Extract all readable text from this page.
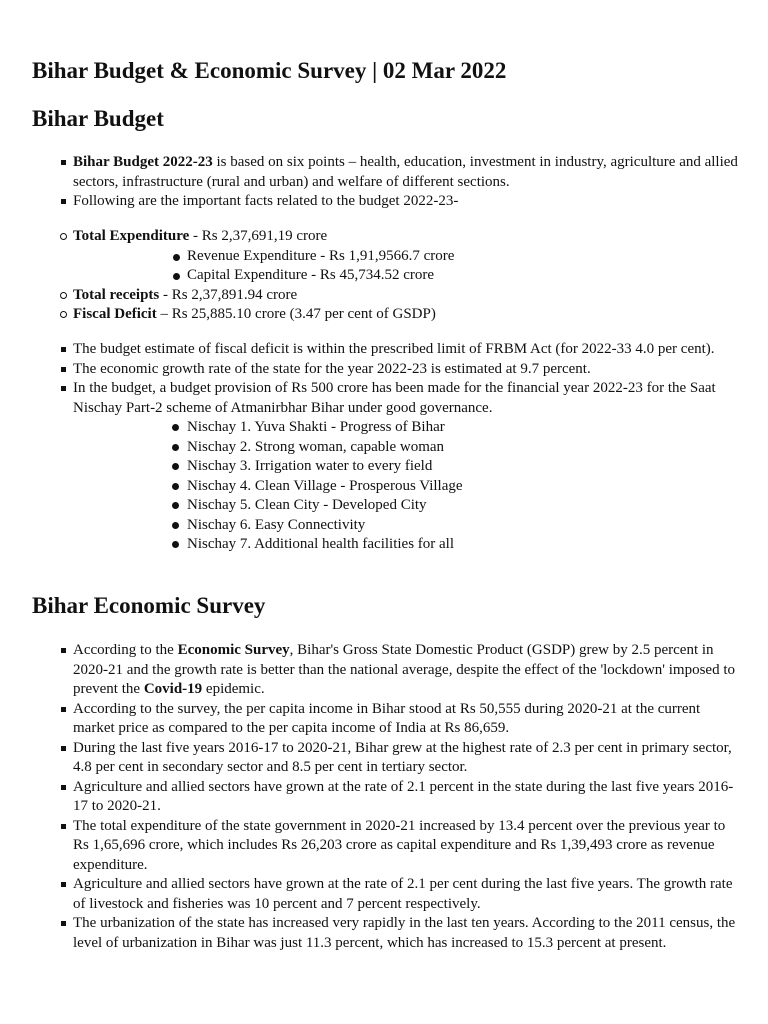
Bihar Budget & Economic Survey | 02 Mar 2022
Bihar Budget
Bihar Budget 2022-23 is based on six points – health, education, investment in industry, agriculture and allied sectors, infrastructure (rural and urban) and welfare of different sections.
Following are the important facts related to the budget 2022-23-
Total Expenditure - Rs 2,37,691,19 crore
Revenue Expenditure - Rs 1,91,9566.7 crore
Capital Expenditure - Rs 45,734.52 crore
Total receipts - Rs 2,37,891.94 crore
Fiscal Deficit – Rs 25,885.10 crore (3.47 per cent of GSDP)
The budget estimate of fiscal deficit is within the prescribed limit of FRBM Act (for 2022-33 4.0 per cent).
The economic growth rate of the state for the year 2022-23 is estimated at 9.7 percent.
In the budget, a budget provision of Rs 500 crore has been made for the financial year 2022-23 for the Saat Nischay Part-2 scheme of Atmanirbhar Bihar under good governance.
Nischay 1. Yuva Shakti - Progress of Bihar
Nischay 2. Strong woman, capable woman
Nischay 3. Irrigation water to every field
Nischay 4. Clean Village - Prosperous Village
Nischay 5. Clean City - Developed City
Nischay 6. Easy Connectivity
Nischay 7. Additional health facilities for all
Bihar Economic Survey
According to the Economic Survey, Bihar's Gross State Domestic Product (GSDP) grew by 2.5 percent in 2020-21 and the growth rate is better than the national average, despite the effect of the 'lockdown' imposed to prevent the Covid-19 epidemic.
According to the survey, the per capita income in Bihar stood at Rs 50,555 during 2020-21 at the current market price as compared to the per capita income of India at Rs 86,659.
During the last five years 2016-17 to 2020-21, Bihar grew at the highest rate of 2.3 per cent in primary sector, 4.8 per cent in secondary sector and 8.5 per cent in tertiary sector.
Agriculture and allied sectors have grown at the rate of 2.1 percent in the state during the last five years 2016-17 to 2020-21.
The total expenditure of the state government in 2020-21 increased by 13.4 percent over the previous year to Rs 1,65,696 crore, which includes Rs 26,203 crore as capital expenditure and Rs 1,39,493 crore as revenue expenditure.
Agriculture and allied sectors have grown at the rate of 2.1 per cent during the last five years. The growth rate of livestock and fisheries was 10 percent and 7 percent respectively.
The urbanization of the state has increased very rapidly in the last ten years. According to the 2011 census, the level of urbanization in Bihar was just 11.3 percent, which has increased to 15.3 percent at present.
